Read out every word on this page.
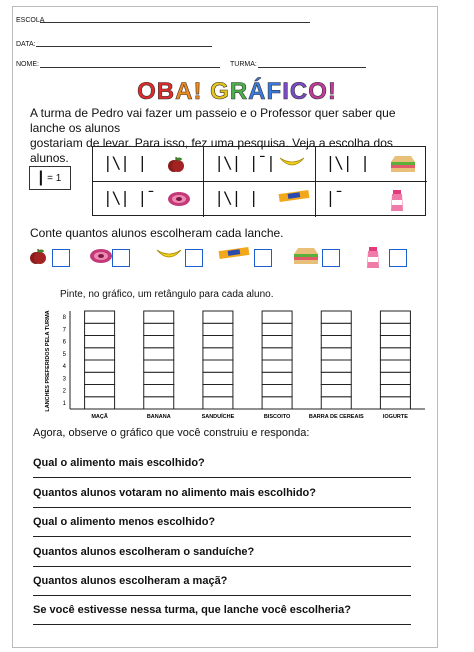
ESCOLA
DATA:
NOME:	TURMA:
OBA! GRÁFICO!

A turma de Pedro vai fazer um passeio e o Professor quer saber que lanche os alunos

gostariam de levar. Para isso, fez uma pesquisa. Veja a escolha dos alunos.

| = 1
|\| |	|\| |¯|	|\| |
|\| |¯	|\| |	|¯
Conte quantos alunos escolheram cada lanche.
Pinte, no gráfico, um retângulo para cada aluno.
LANCHES PREFERIDOS PELA TURMA 1
2
3
4
5
6
7
8
MAÇÃ	BANANA	SANDUÍCHE	BISCOITO	BARRA DE CEREAIS	IOGURTE
Agora, observe o gráfico que você construiu e responda:
Qual o alimento mais escolhido?
Quantos alunos votaram no alimento mais escolhido?
Qual o alimento menos escolhido?
Quantos alunos escolheram o sanduíche?
Quantos alunos escolheram a maçã?
Se você estivesse nessa turma, que lanche você escolheria?
